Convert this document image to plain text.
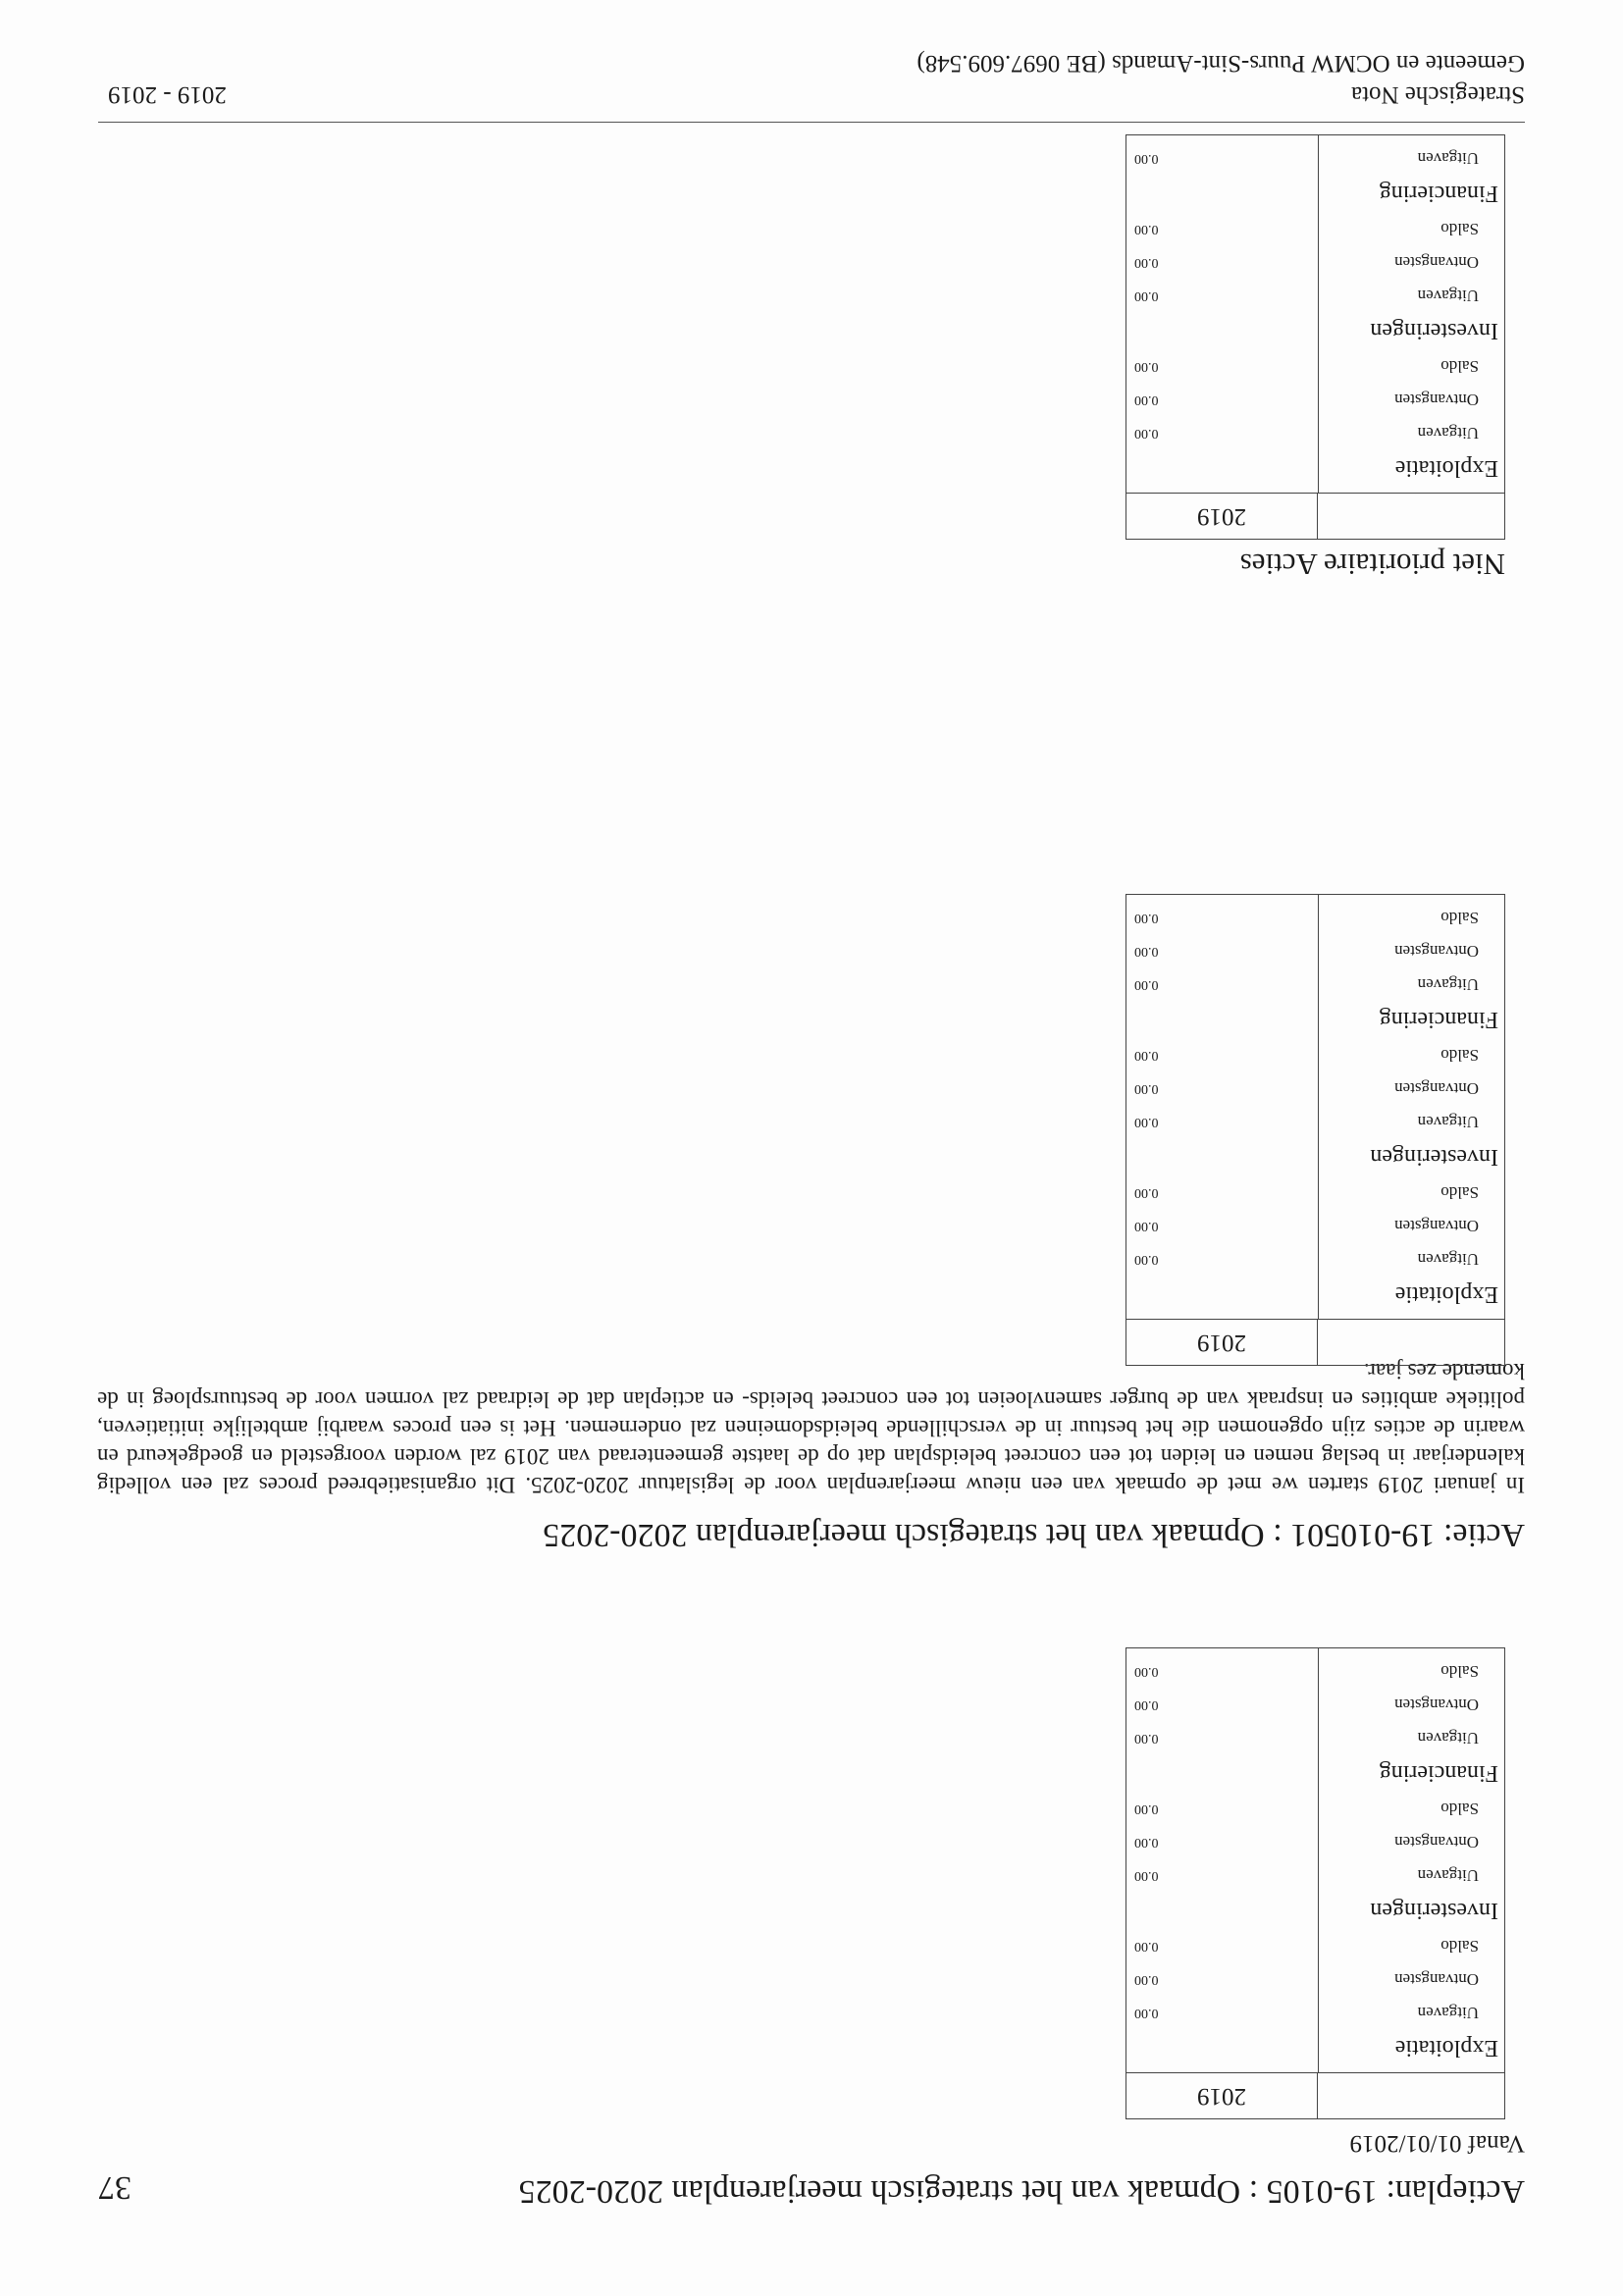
37	Actieplan: 19-0105 : Opmaak van het strategisch meerjarenplan 2020-2025
Vanaf 01/01/2019
2019
Exploitatie
Uitgaven
Ontvangsten
Saldo
Investeringen
Uitgaven
Ontvangsten
Saldo
Financiering
Uitgaven
Ontvangsten
Saldo
0.00
0.00
0.00
0.00
0.00
0.00
0.00
0.00
0.00
Actie: 19-010501 : Opmaak van het strategisch meerjarenplan 2020-2025
In januari 2019 starten we met de opmaak van een nieuw meerjarenplan voor de legislatuur 2020-2025. Dit organisatiebreed proces zal een volledig kalenderjaar in beslag nemen en leiden tot een concreet beleidsplan dat op de laatste gemeenteraad van 2019 zal worden voorgesteld en goedgekeurd en waarin de acties zijn opgenomen die het bestuur in de verschillende beleidsdomeinen zal ondernemen. Het is een proces waarbij ambtelijke initiatieven, politieke ambities en inspraak van de burger samenvloeien tot een concreet beleids- en actieplan dat de leidraad zal vormen voor de bestuursploeg in de komende zes jaar.
2019
Exploitatie
Uitgaven
Ontvangsten
Saldo
Investeringen
Uitgaven
Ontvangsten
Saldo
Financiering
Uitgaven
Ontvangsten
Saldo
0.00
0.00
0.00
0.00
0.00
0.00
0.00
0.00
0.00
Niet prioritaire Acties
2019
Exploitatie
Uitgaven
Ontvangsten
Saldo
Investeringen
Uitgaven
Ontvangsten
Saldo
Financiering
Uitgaven
0.00
0.00
0.00
0.00
0.00
0.00
0.00
Strategische Nota
2019 - 2019
Gemeente en OCMW Puurs-Sint-Amands (BE 0697.609.548)
